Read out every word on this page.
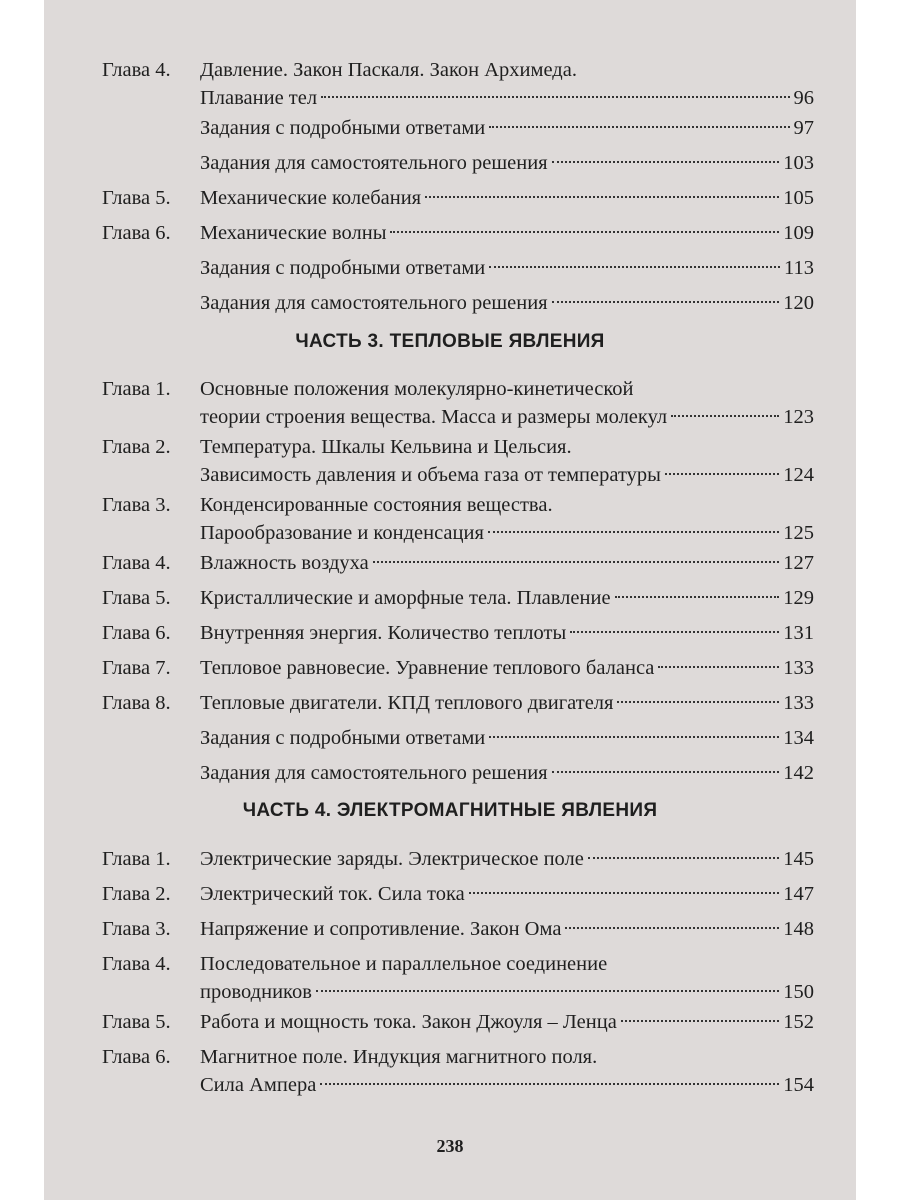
Глава 4. Давление. Закон Паскаля. Закон Архимеда.
Плавание тел	96
Задания с подробными ответами	97
Задания для самостоятельного решения	103
Глава 5. Механические колебания	105
Глава 6. Механические волны	109
Задания с подробными ответами	113
Задания для самостоятельного решения	120
ЧАСТЬ 3. ТЕПЛОВЫЕ ЯВЛЕНИЯ
Глава 1. Основные положения молекулярно-кинетической
теории строения вещества. Масса и размеры молекул	123
Глава 2. Температура. Шкалы Кельвина и Цельсия.
Зависимость давления и объема газа от температуры	124
Глава 3. Конденсированные состояния вещества.
Парообразование и конденсация	125
Глава 4. Влажность воздуха	127
Глава 5. Кристаллические и аморфные тела. Плавление	129
Глава 6. Внутренняя энергия. Количество теплоты	131
Глава 7. Тепловое равновесие. Уравнение теплового баланса	133
Глава 8. Тепловые двигатели. КПД теплового двигателя	133
Задания с подробными ответами	134
Задания для самостоятельного решения	142
ЧАСТЬ 4. ЭЛЕКТРОМАГНИТНЫЕ ЯВЛЕНИЯ
Глава 1. Электрические заряды. Электрическое поле	145
Глава 2. Электрический ток. Сила тока	147
Глава 3. Напряжение и сопротивление. Закон Ома	148
Глава 4. Последовательное и параллельное соединение
проводников	150
Глава 5. Работа и мощность тока. Закон Джоуля – Ленца	152
Глава 6. Магнитное поле. Индукция магнитного поля.
Сила Ампера	154
238
